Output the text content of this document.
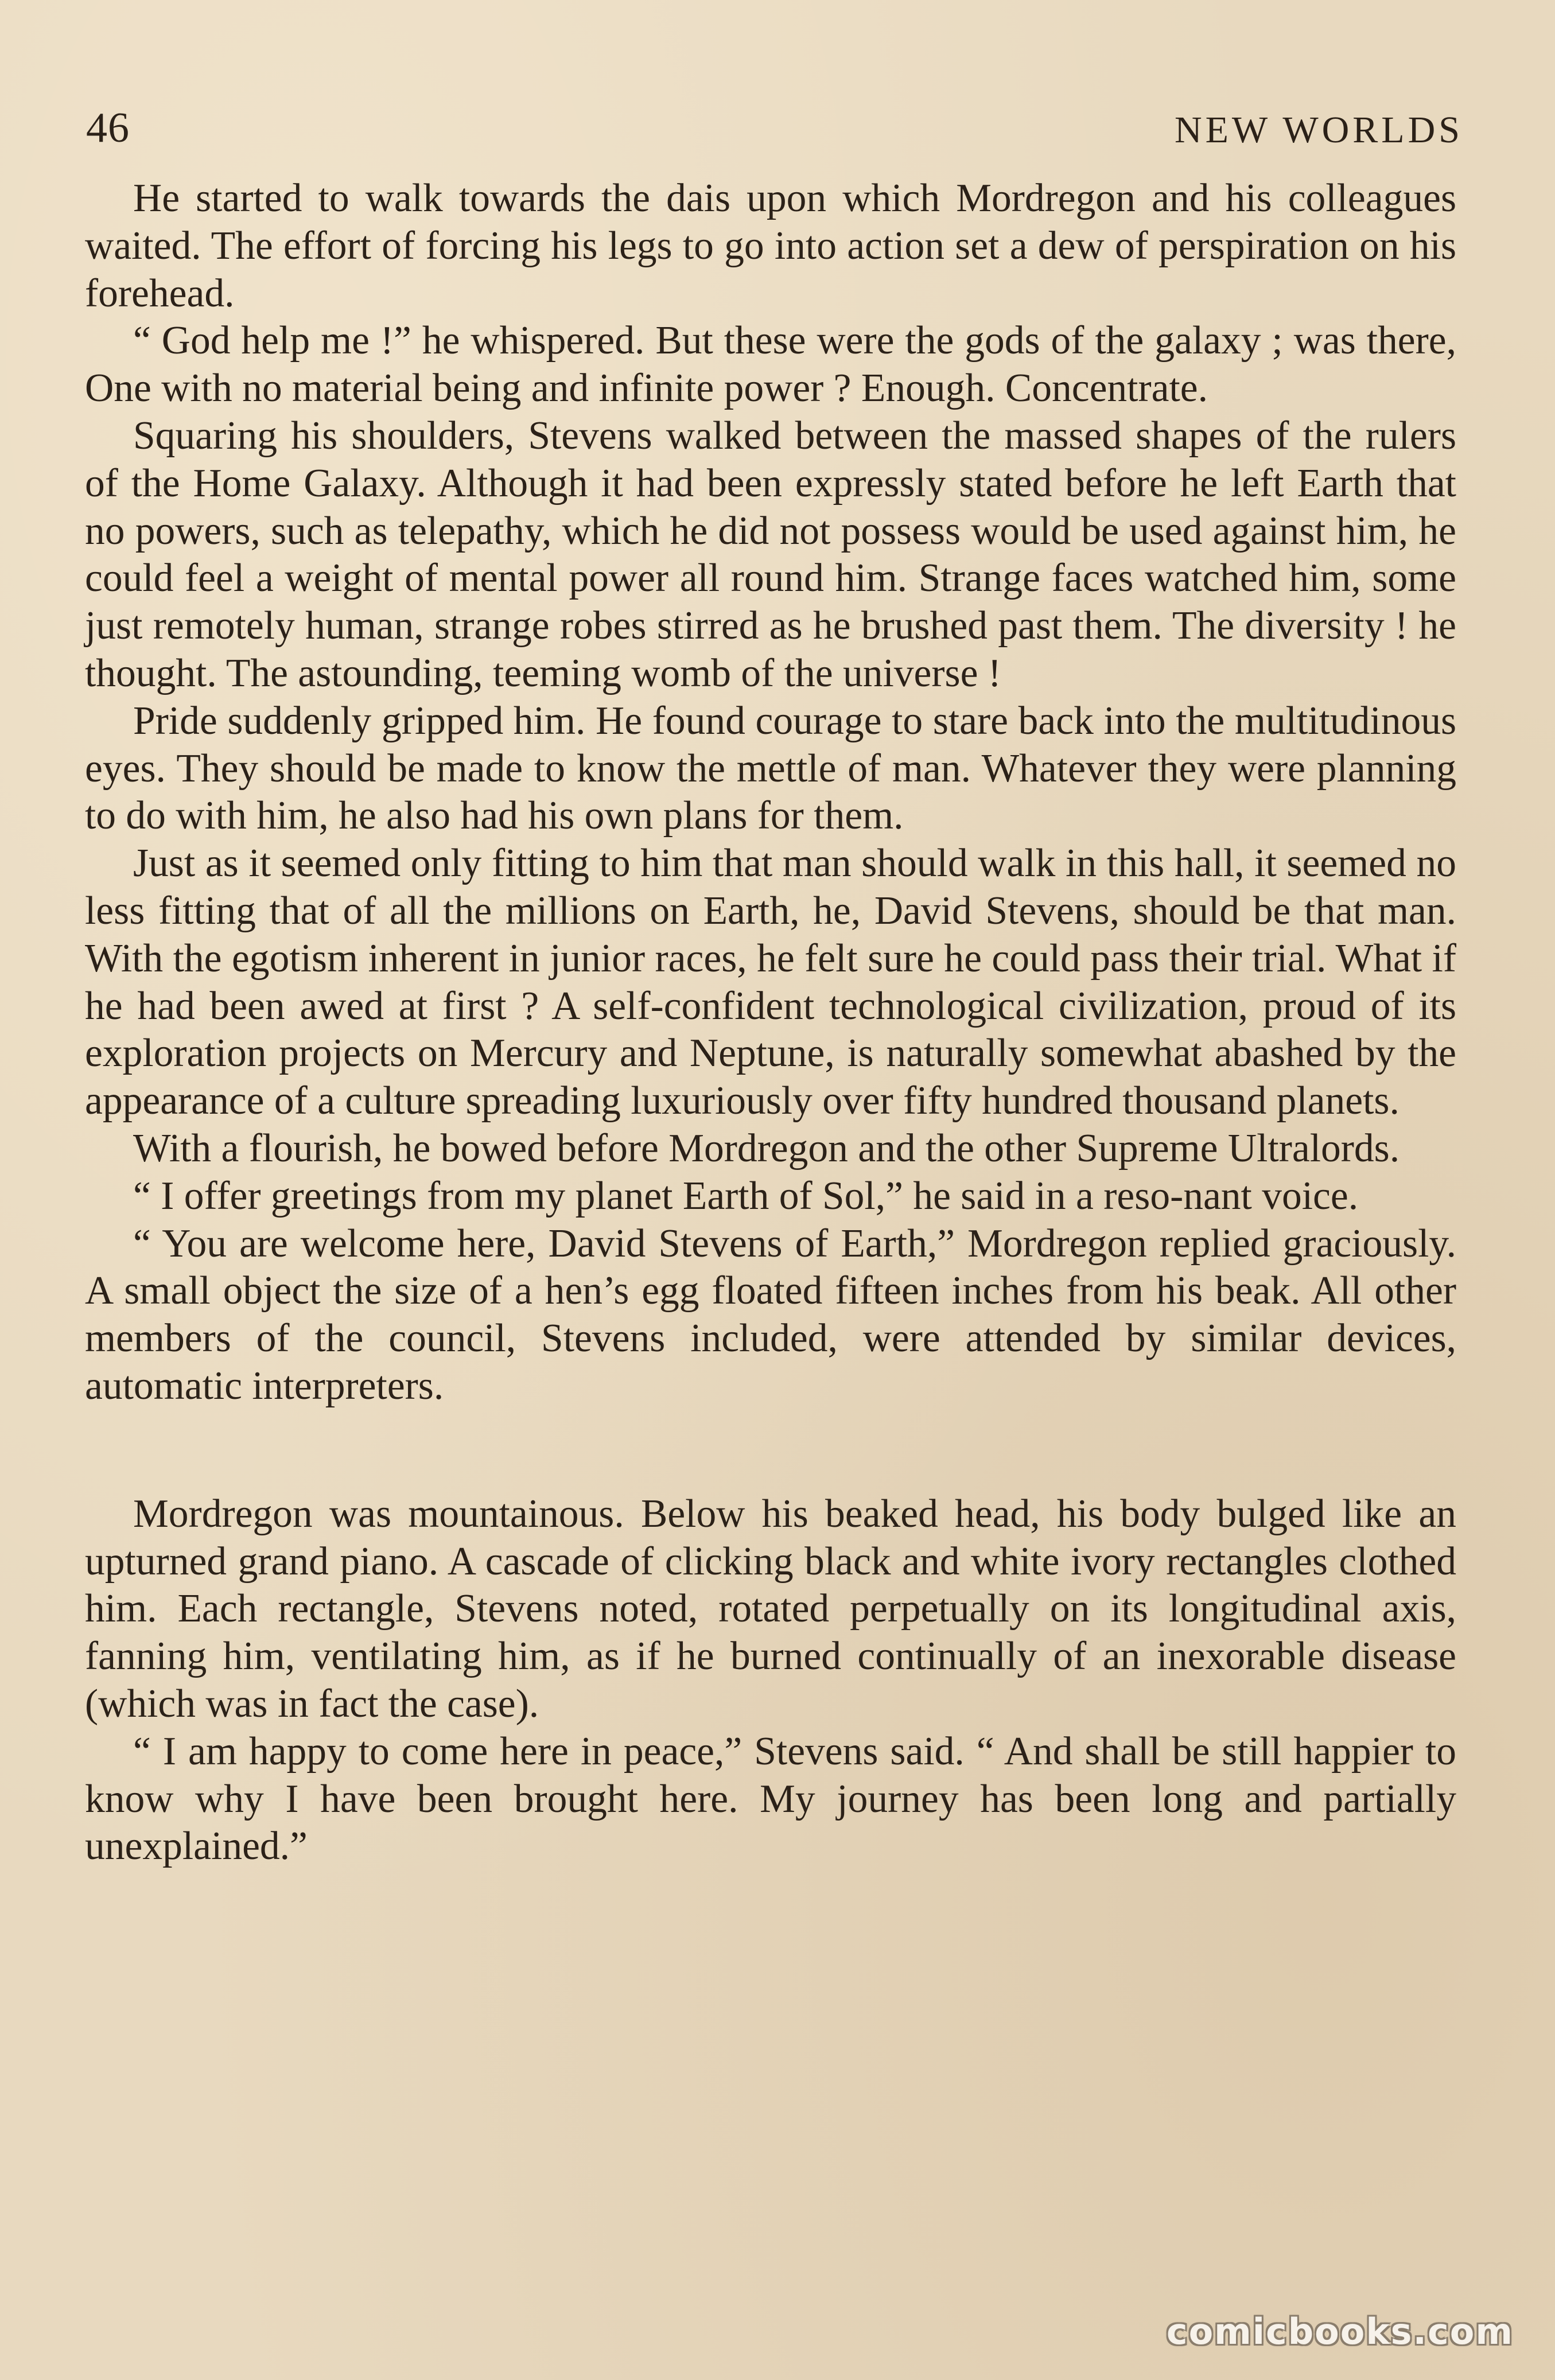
46	NEW WORLDS

He started to walk towards the dais upon which Mordregon and his colleagues waited. The effort of forcing his legs to go into action set a dew of perspiration on his forehead.

“ God help me !” he whispered. But these were the gods of the galaxy ; was there, One with no material being and infinite power ? Enough. Concentrate.

Squaring his shoulders, Stevens walked between the massed shapes of the rulers of the Home Galaxy. Although it had been expressly stated before he left Earth that no powers, such as telepathy, which he did not possess would be used against him, he could feel a weight of mental power all round him. Strange faces watched him, some just remotely human, strange robes stirred as he brushed past them. The diversity ! he thought. The astounding, teeming womb of the universe !

Pride suddenly gripped him. He found courage to stare back into the multitudinous eyes. They should be made to know the mettle of man. Whatever they were planning to do with him, he also had his own plans for them.

Just as it seemed only fitting to him that man should walk in this hall, it seemed no less fitting that of all the millions on Earth, he, David Stevens, should be that man. With the egotism inherent in junior races, he felt sure he could pass their trial. What if he had been awed at first ? A self-confident technological civilization, proud of its exploration projects on Mercury and Neptune, is naturally somewhat abashed by the appearance of a culture spreading luxuriously over fifty hundred thousand planets.

With a flourish, he bowed before Mordregon and the other Supreme Ultralords.

“ I offer greetings from my planet Earth of Sol,” he said in a reso-nant voice.

“ You are welcome here, David Stevens of Earth,” Mordregon replied graciously. A small object the size of a hen’s egg floated fifteen inches from his beak. All other members of the council, Stevens included, were attended by similar devices, automatic interpreters.

Mordregon was mountainous. Below his beaked head, his body bulged like an upturned grand piano. A cascade of clicking black and white ivory rectangles clothed him. Each rectangle, Stevens noted, rotated perpetually on its longitudinal axis, fanning him, ventilating him, as if he burned continually of an inexorable disease (which was in fact the case).

“ I am happy to come here in peace,” Stevens said. “ And shall be still happier to know why I have been brought here. My journey has been long and partially unexplained.”

comicbooks.com
